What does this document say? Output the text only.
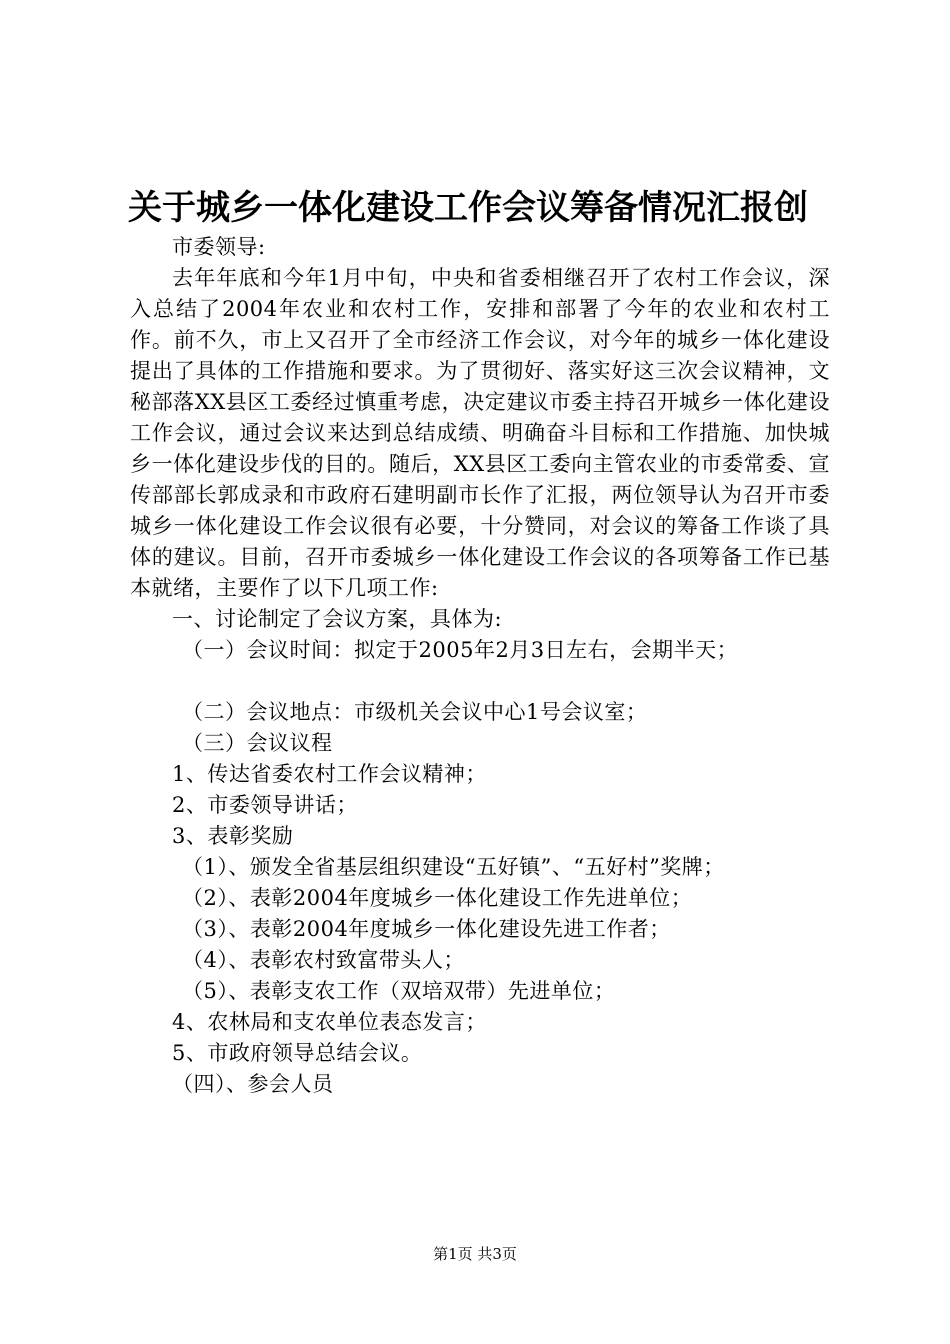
关于城乡一体化建设工作会议筹备情况汇报创

市委领导:

去年年底和今年1月中旬，中央和省委相继召开了农村工作会议，深入总结了2004年农业和农村工作，安排和部署了今年的农业和农村工作。前不久，市上又召开了全市经济工作会议，对今年的城乡一体化建设提出了具体的工作措施和要求。为了贯彻好、落实好这三次会议精神，文秘部落XX县区工委经过慎重考虑，决定建议市委主持召开城乡一体化建设工作会议，通过会议来达到总结成绩、明确奋斗目标和工作措施、加快城乡一体化建设步伐的目的。随后，XX县区工委向主管农业的市委常委、宣传部部长郭成录和市政府石建明副市长作了汇报，两位领导认为召开市委城乡一体化建设工作会议很有必要，十分赞同，对会议的筹备工作谈了具体的建议。目前，召开市委城乡一体化建设工作会议的各项筹备工作已基本就绪，主要作了以下几项工作:

一、讨论制定了会议方案，具体为:

（一）会议时间：拟定于2005年2月3日左右，会期半天；

（二）会议地点：市级机关会议中心1号会议室；

（三）会议议程

1、传达省委农村工作会议精神；

2、市委领导讲话；

3、表彰奖励

（1）、颁发全省基层组织建设“五好镇”、“五好村”奖牌；

（2）、表彰2004年度城乡一体化建设工作先进单位；

（3）、表彰2004年度城乡一体化建设先进工作者；

（4）、表彰农村致富带头人；

（5）、表彰支农工作（双培双带）先进单位；

4、农林局和支农单位表态发言；

5、市政府领导总结会议。

（四）、参会人员

第1页 共3页
